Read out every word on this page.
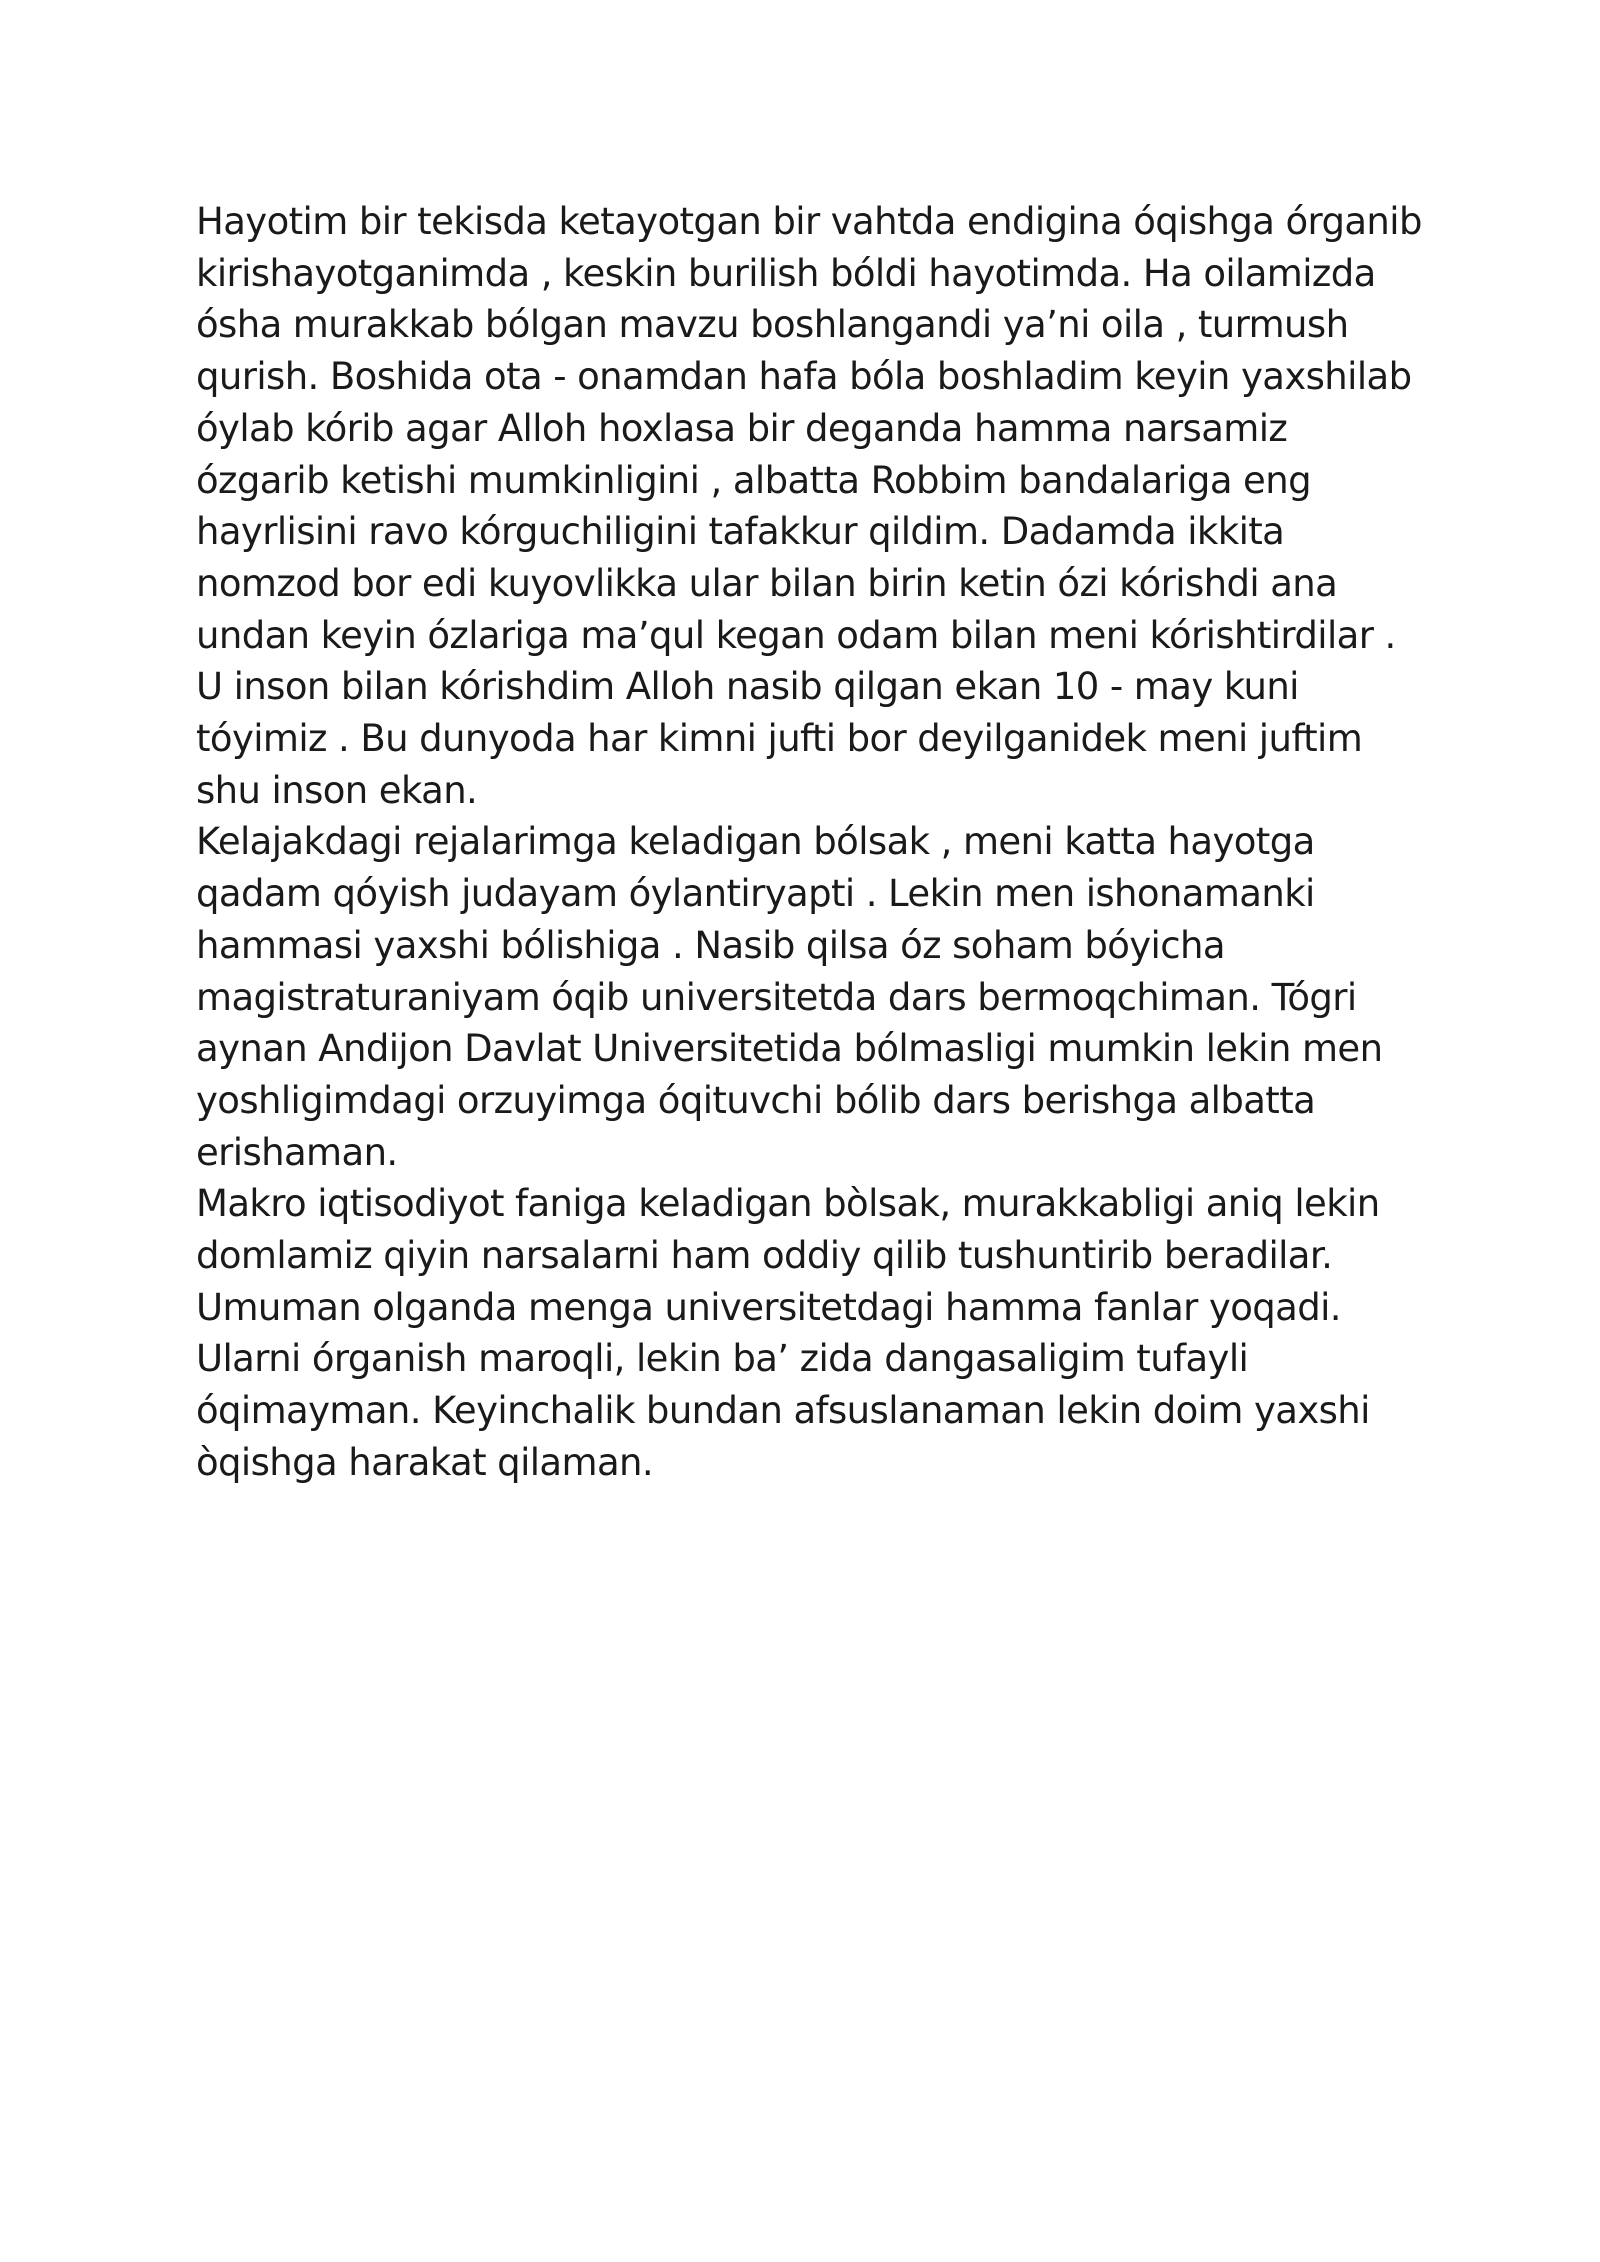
Hayotim bir tekisda ketayotgan bir vahtda endigina óqishga órganib
kirishayotganimda , keskin burilish bóldi hayotimda. Ha oilamizda
ósha murakkab bólgan mavzu boshlangandi ya’ni oila , turmush
qurish. Boshida ota - onamdan hafa bóla boshladim keyin yaxshilab
óylab kórib agar Alloh hoxlasa bir deganda hamma narsamiz
ózgarib ketishi mumkinligini , albatta Robbim bandalariga eng
hayrlisini ravo kórguchiligini tafakkur qildim. Dadamda ikkita
nomzod bor edi kuyovlikka ular bilan birin ketin ózi kórishdi ana
undan keyin ózlariga ma’qul kegan odam bilan meni kórishtirdilar .
U inson bilan kórishdim Alloh nasib qilgan ekan 10 - may kuni
tóyimiz . Bu dunyoda har kimni jufti bor deyilganidek meni juftim
shu inson ekan.
Kelajakdagi rejalarimga keladigan bólsak , meni katta hayotga
qadam qóyish judayam óylantiryapti . Lekin men ishonamanki
hammasi yaxshi bólishiga . Nasib qilsa óz soham bóyicha
magistraturaniyam óqib universitetda dars bermoqchiman. Tógri
aynan Andijon Davlat Universitetida bólmasligi mumkin lekin men
yoshligimdagi orzuyimga óqituvchi bólib dars berishga albatta
erishaman.
Makro iqtisodiyot faniga keladigan bòlsak, murakkabligi aniq lekin
domlamiz qiyin narsalarni ham oddiy qilib tushuntirib beradilar.
Umuman olganda menga universitetdagi hamma fanlar yoqadi.
Ularni órganish maroqli, lekin ba’ zida dangasaligim tufayli
óqimayman. Keyinchalik bundan afsuslanaman lekin doim yaxshi
òqishga harakat qilaman.
